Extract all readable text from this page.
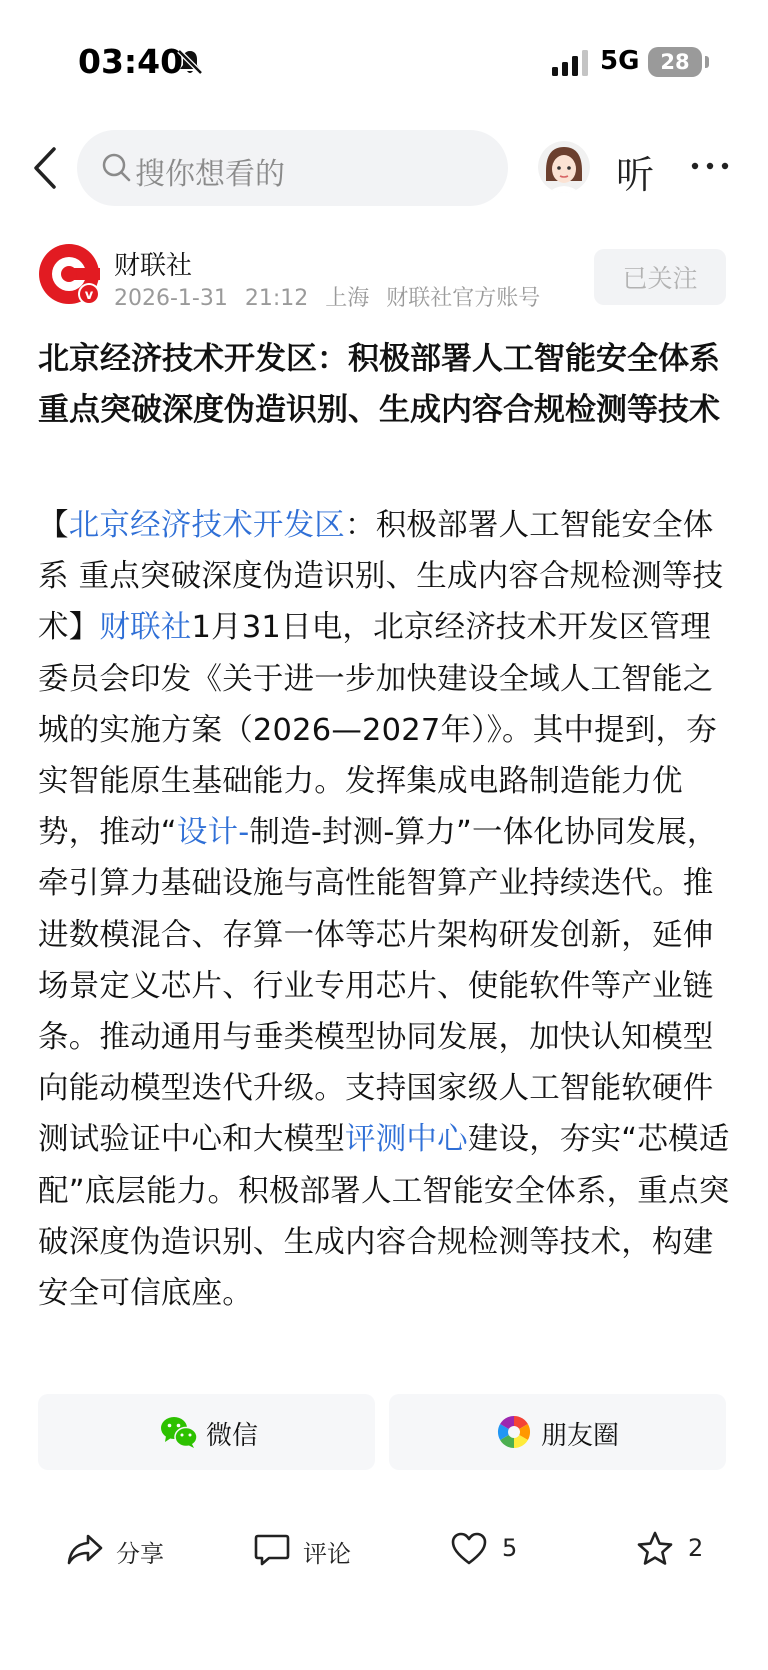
03:40	5G 28
搜你想看的	听
v
财联社
2026-1-31 21:12 上海 财联社官方账号
已关注
北京经济技术开发区：积极部署人工智能安全体系 重点突破深度伪造识别、生成内容合规检测等技术

【北京经济技术开发区：积极部署人工智能安全体系 重点突破深度伪造识别、生成内容合规检测等技术】财联社1月31日电，北京经济技术开发区管理委员会印发《关于进一步加快建设全域人工智能之城的实施方案（2026—2027年）》。其中提到，夯实智能原生基础能力。发挥集成电路制造能力优势，推动“设计-制造-封测-算力”一体化协同发展，牵引算力基础设施与高性能智算产业持续迭代。推进数模混合、存算一体等芯片架构研发创新，延伸场景定义芯片、行业专用芯片、使能软件等产业链条。推动通用与垂类模型协同发展，加快认知模型向能动模型迭代升级。支持国家级人工智能软硬件测试验证中心和大模型评测中心建设，夯实“芯模适配”底层能力。积极部署人工智能安全体系，重点突破深度伪造识别、生成内容合规检测等技术，构建安全可信底座。

微信	朋友圈
分享	评论	5	2
